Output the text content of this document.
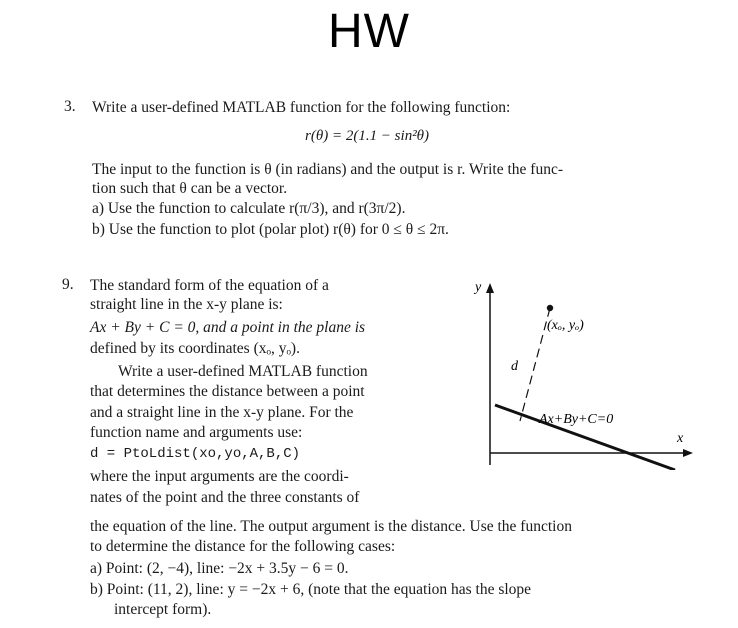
HW
3. Write a user-defined MATLAB function for the following function:
r(θ) = 2(1.1 − sin²θ)
The input to the function is θ (in radians) and the output is r. Write the func-
tion such that θ can be a vector.
a) Use the function to calculate r(π/3), and r(3π/2).
b) Use the function to plot (polar plot) r(θ) for 0 ≤ θ ≤ 2π.
9. The standard form of the equation of a
straight line in the x-y plane is:
Ax + By + C = 0, and a point in the plane is
defined by its coordinates (xₒ, yₒ).
Write a user-defined MATLAB function
that determines the distance between a point
and a straight line in the x-y plane. For the
function name and arguments use:
d = PtoLdist(xo,yo,A,B,C)
where the input arguments are the coordi-
nates of the point and the three constants of
the equation of the line. The output argument is the distance. Use the function
to determine the distance for the following cases:
a) Point: (2, −4), line: −2x + 3.5y − 6 = 0.
b) Point: (11, 2), line: y = −2x + 6, (note that the equation has the slope
intercept form).
y
x
Ax+By+C=0
d
(xₒ, yₒ)
